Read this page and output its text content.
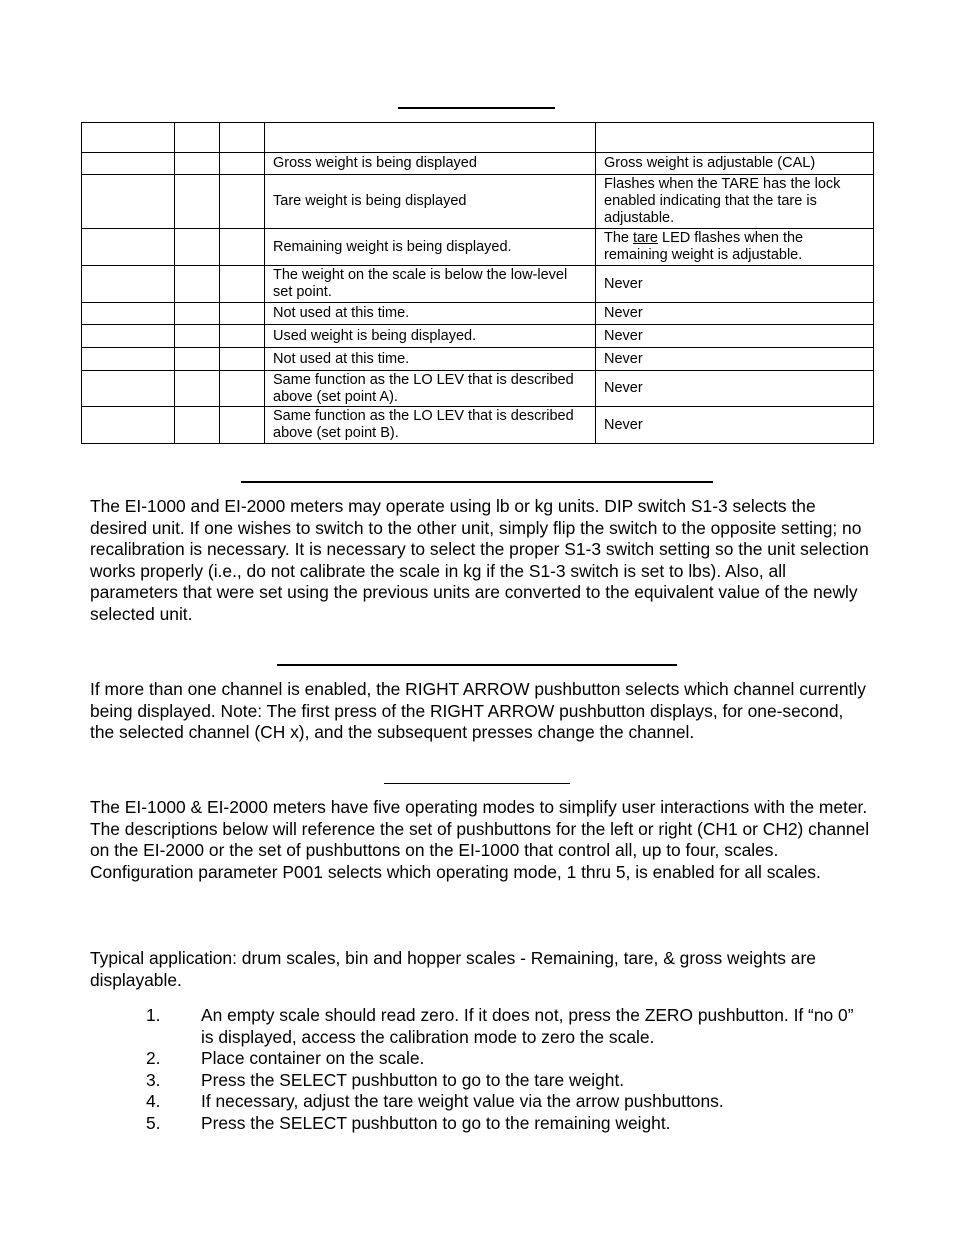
			Gross weight is being displayed	Gross weight is adjustable (CAL)
			Tare weight is being displayed	Flashes when the TARE has the lock enabled indicating that the tare is adjustable.
			Remaining weight is being displayed.	The tare LED flashes when the remaining weight is adjustable.
			The weight on the scale is below the low-level set point.	Never
			Not used at this time.	Never
			Used weight is being displayed.	Never
			Not used at this time.	Never
			Same function as the LO LEV that is described above (set point A).	Never
			Same function as the LO LEV that is described above (set point B).	Never

The EI-1000 and EI-2000 meters may operate using lb or kg units. DIP switch S1-3 selects the desired unit. If one wishes to switch to the other unit, simply flip the switch to the opposite setting; no recalibration is necessary. It is necessary to select the proper S1-3 switch setting so the unit selection works properly (i.e., do not calibrate the scale in kg if the S1-3 switch is set to lbs). Also, all parameters that were set using the previous units are converted to the equivalent value of the newly selected unit.

If more than one channel is enabled, the RIGHT ARROW pushbutton selects which channel currently being displayed. Note: The first press of the RIGHT ARROW pushbutton displays, for one-second, the selected channel (CH x), and the subsequent presses change the channel.

The EI-1000 & EI-2000 meters have five operating modes to simplify user interactions with the meter. The descriptions below will reference the set of pushbuttons for the left or right (CH1 or CH2) channel on the EI-2000 or the set of pushbuttons on the EI-1000 that control all, up to four, scales. Configuration parameter P001 selects which operating mode, 1 thru 5, is enabled for all scales.

Typical application: drum scales, bin and hopper scales - Remaining, tare, & gross weights are displayable.

1.	An empty scale should read zero. If it does not, press the ZERO pushbutton. If “no 0” is displayed, access the calibration mode to zero the scale.
2.	Place container on the scale.
3.	Press the SELECT pushbutton to go to the tare weight.
4.	If necessary, adjust the tare weight value via the arrow pushbuttons.
5.	Press the SELECT pushbutton to go to the remaining weight.
